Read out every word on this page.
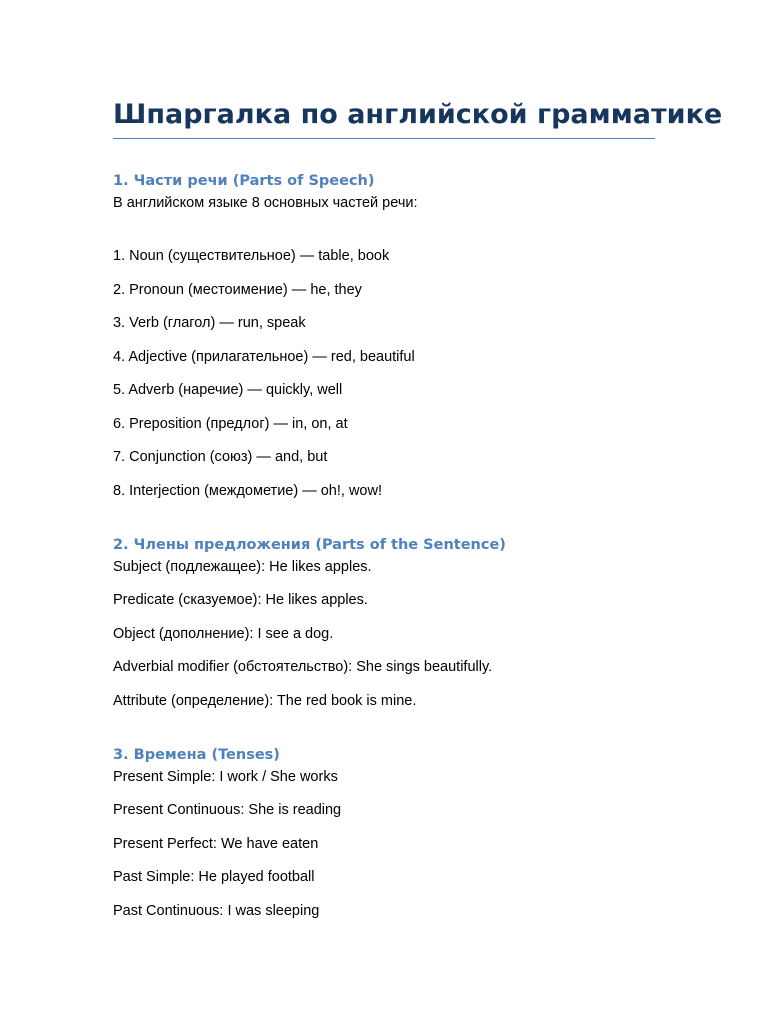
Шпаргалка по английской грамматике
1. Части речи (Parts of Speech)

В английском языке 8 основных частей речи:

1. Noun (существительное) — table, book
2. Pronoun (местоимение) — he, they
3. Verb (глагол) — run, speak
4. Adjective (прилагательное) — red, beautiful
5. Adverb (наречие) — quickly, well
6. Preposition (предлог) — in, on, at
7. Conjunction (союз) — and, but
8. Interjection (междометие) — oh!, wow!
2. Члены предложения (Parts of the Sentence)
Subject (подлежащее): He likes apples.
Predicate (сказуемое): He likes apples.
Object (дополнение): I see a dog.
Adverbial modifier (обстоятельство): She sings beautifully.
Attribute (определение): The red book is mine.
3. Времена (Tenses)
Present Simple: I work / She works
Present Continuous: She is reading
Present Perfect: We have eaten
Past Simple: He played football
Past Continuous: I was sleeping
